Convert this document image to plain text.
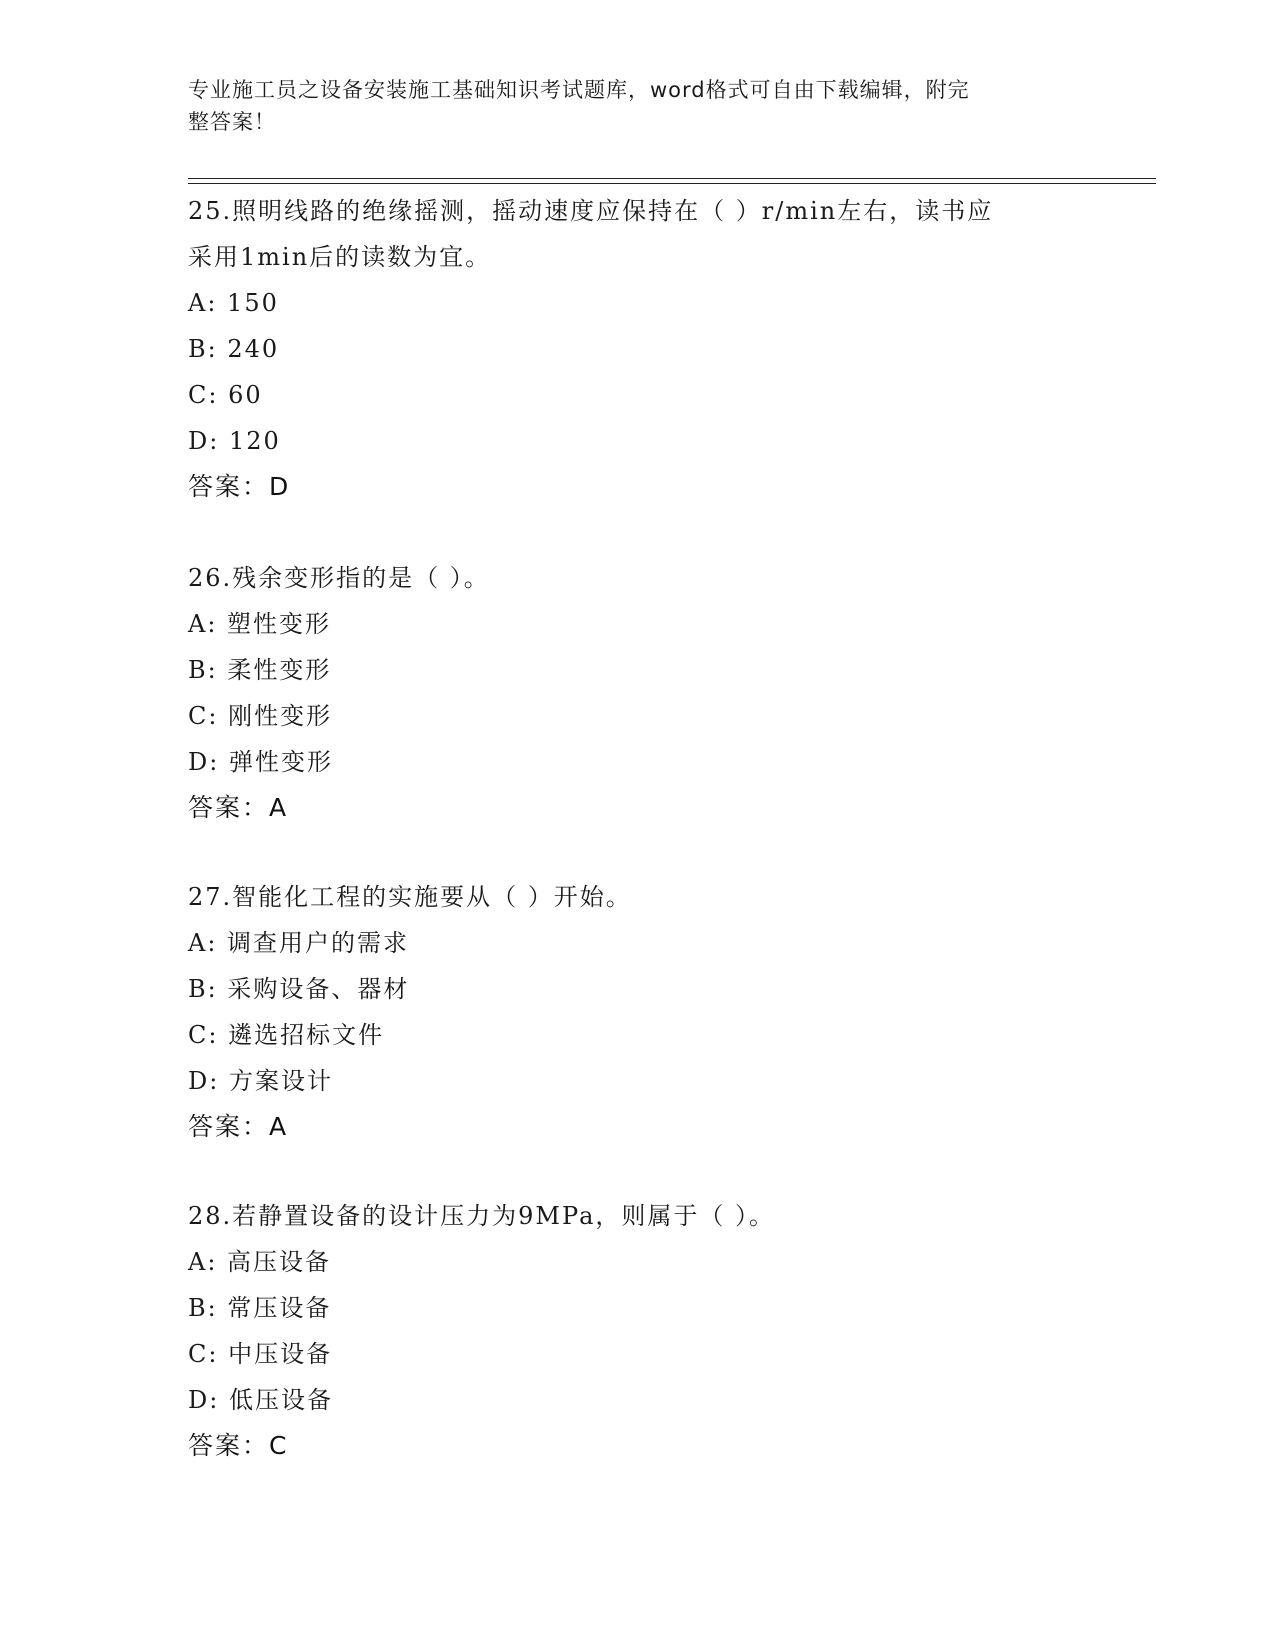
专业施工员之设备安装施工基础知识考试题库，word格式可自由下载编辑，附完
整答案！
25.照明线路的绝缘摇测，摇动速度应保持在（ ）r/min左右，读书应
采用1min后的读数为宜。
A: 150
B: 240
C: 60
D: 120
答案：D
26.残余变形指的是（ ）。
A: 塑性变形
B: 柔性变形
C: 刚性变形
D: 弹性变形
答案：A
27.智能化工程的实施要从（ ）开始。
A: 调查用户的需求
B: 采购设备、器材
C: 遴选招标文件
D: 方案设计
答案：A
28.若静置设备的设计压力为9MPa，则属于（ ）。
A: 高压设备
B: 常压设备
C: 中压设备
D: 低压设备
答案：C
